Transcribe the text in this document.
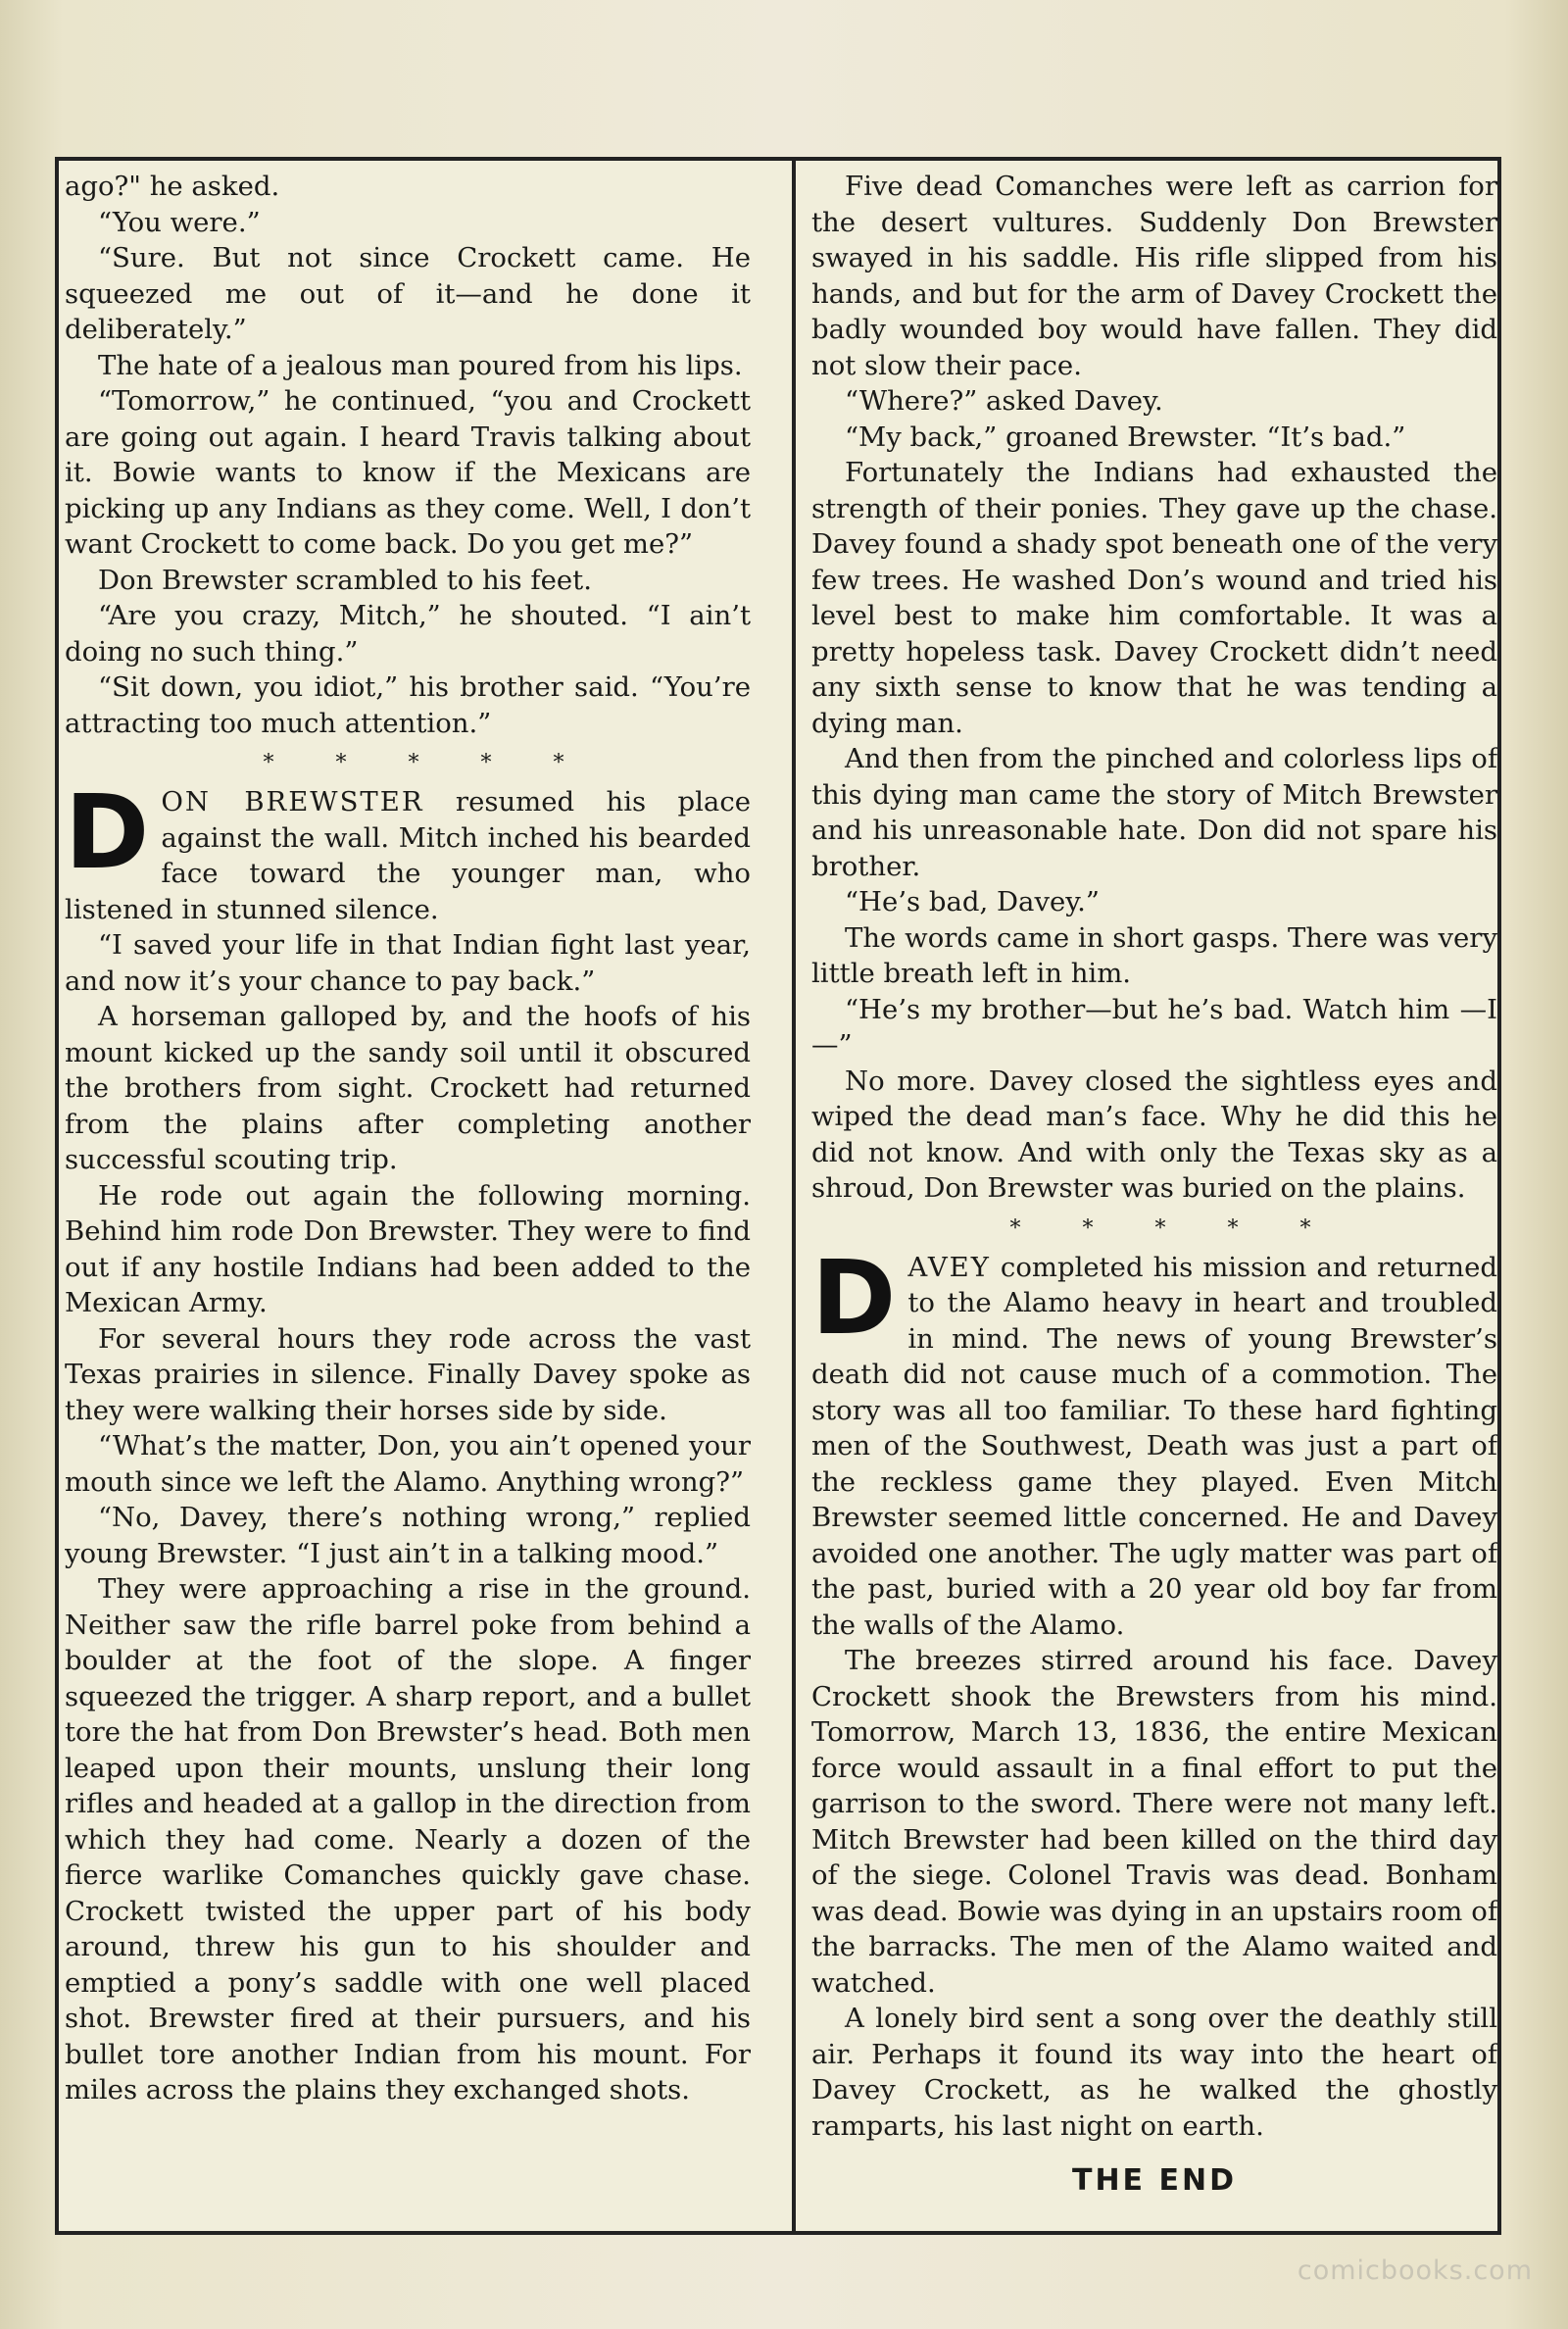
ago?" he asked.

“You were.”

“Sure. But not since Crockett came. He squeezed me out of it—and he done it deliberately.”

The hate of a jealous man poured from his lips.

“Tomorrow,” he continued, “you and Crockett are going out again. I heard Travis talking about it. Bowie wants to know if the Mexicans are picking up any Indians as they come. Well, I don’t want Crockett to come back. Do you get me?”

Don Brewster scrambled to his feet.

“Are you crazy, Mitch,” he shouted. “I ain’t doing no such thing.”

“Sit down, you idiot,” his brother said. “You’re attracting too much attention.”

* * * * *

DON BREWSTER resumed his place against the wall. Mitch inched his bearded face toward the younger man, who listened in stunned silence.

“I saved your life in that Indian fight last year, and now it’s your chance to pay back.”

A horseman galloped by, and the hoofs of his mount kicked up the sandy soil until it obscured the brothers from sight. Crockett had returned from the plains after completing another successful scouting trip.

He rode out again the following morning. Behind him rode Don Brewster. They were to find out if any hostile Indians had been added to the Mexican Army.

For several hours they rode across the vast Texas prairies in silence. Finally Davey spoke as they were walking their horses side by side.

“What’s the matter, Don, you ain’t opened your mouth since we left the Alamo. Anything wrong?”

“No, Davey, there’s nothing wrong,” replied young Brewster. “I just ain’t in a talking mood.”

They were approaching a rise in the ground. Neither saw the rifle barrel poke from behind a boulder at the foot of the slope. A finger squeezed the trigger. A sharp report, and a bullet tore the hat from Don Brewster’s head. Both men leaped upon their mounts, unslung their long rifles and headed at a gallop in the direction from which they had come. Nearly a dozen of the fierce warlike Comanches quickly gave chase. Crockett twisted the upper part of his body around, threw his gun to his shoulder and emptied a pony’s saddle with one well placed shot. Brewster fired at their pursuers, and his bullet tore another Indian from his mount. For miles across the plains they exchanged shots.

Five dead Comanches were left as carrion for the desert vultures. Suddenly Don Brewster swayed in his saddle. His rifle slipped from his hands, and but for the arm of Davey Crockett the badly wounded boy would have fallen. They did not slow their pace.

“Where?” asked Davey.

“My back,” groaned Brewster. “It’s bad.”

Fortunately the Indians had exhausted the strength of their ponies. They gave up the chase. Davey found a shady spot beneath one of the very few trees. He washed Don’s wound and tried his level best to make him comfortable. It was a pretty hopeless task. Davey Crockett didn’t need any sixth sense to know that he was tending a dying man.

And then from the pinched and colorless lips of this dying man came the story of Mitch Brewster and his unreasonable hate. Don did not spare his brother.

“He’s bad, Davey.”

The words came in short gasps. There was very little breath left in him.

“He’s my brother—but he’s bad. Watch him —I—”

No more. Davey closed the sightless eyes and wiped the dead man’s face. Why he did this he did not know. And with only the Texas sky as a shroud, Don Brewster was buried on the plains.

* * * * *

DAVEY completed his mission and returned to the Alamo heavy in heart and troubled in mind. The news of young Brewster’s death did not cause much of a commotion. The story was all too familiar. To these hard fighting men of the Southwest, Death was just a part of the reckless game they played. Even Mitch Brewster seemed little concerned. He and Davey avoided one another. The ugly matter was part of the past, buried with a 20 year old boy far from the walls of the Alamo.

The breezes stirred around his face. Davey Crockett shook the Brewsters from his mind. Tomorrow, March 13, 1836, the entire Mexican force would assault in a final effort to put the garrison to the sword. There were not many left. Mitch Brewster had been killed on the third day of the siege. Colonel Travis was dead. Bonham was dead. Bowie was dying in an upstairs room of the barracks. The men of the Alamo waited and watched.

A lonely bird sent a song over the deathly still air. Perhaps it found its way into the heart of Davey Crockett, as he walked the ghostly ramparts, his last night on earth.

THE END
comicbooks.com
